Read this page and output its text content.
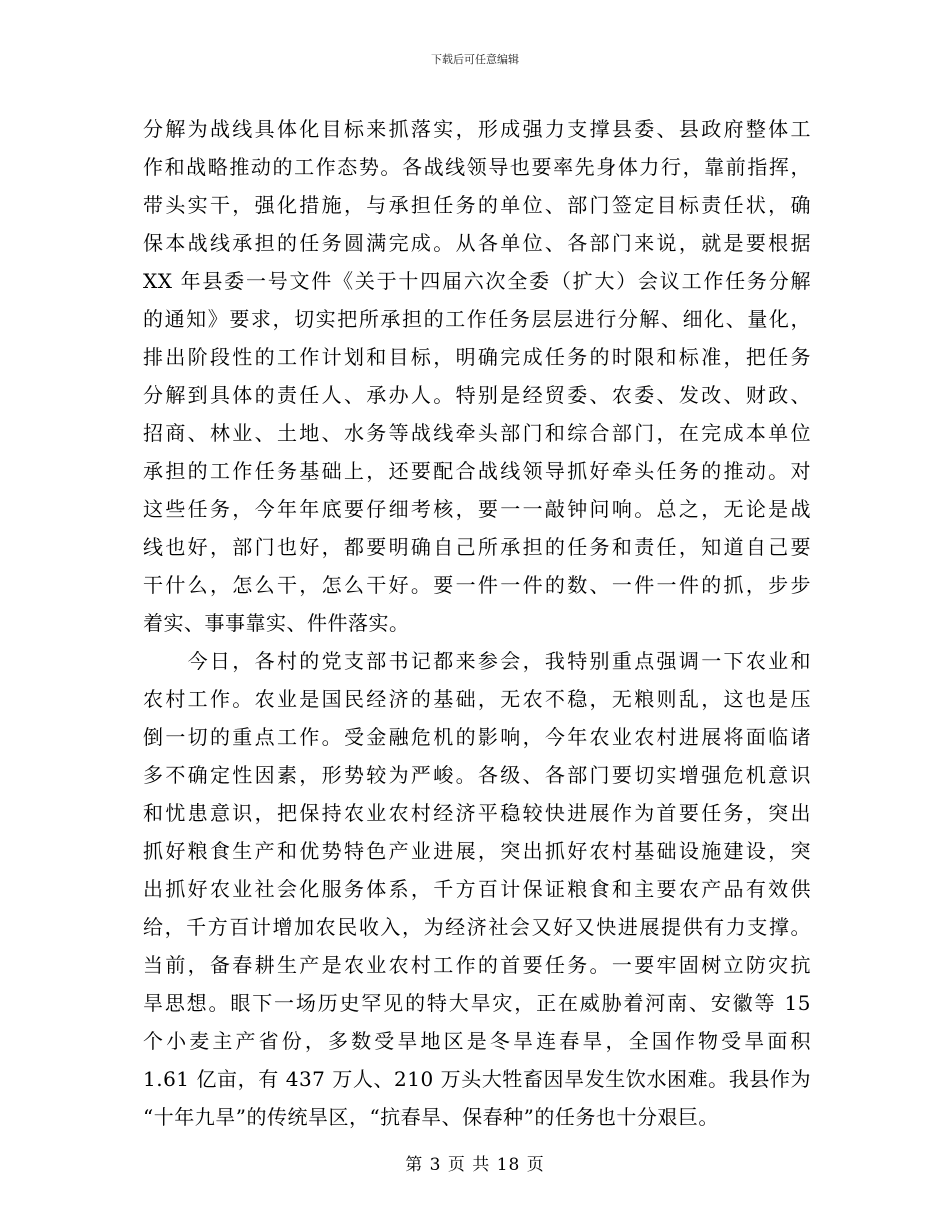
下载后可任意编辑
分解为战线具体化目标来抓落实，形成强力支撑县委、县政府整体工
作和战略推动的工作态势。各战线领导也要率先身体力行，靠前指挥，
带头实干，强化措施，与承担任务的单位、部门签定目标责任状，确
保本战线承担的任务圆满完成。从各单位、各部门来说，就是要根据
XX 年县委一号文件《关于十四届六次全委（扩大）会议工作任务分解
的通知》要求，切实把所承担的工作任务层层进行分解、细化、量化，
排出阶段性的工作计划和目标，明确完成任务的时限和标准，把任务
分解到具体的责任人、承办人。特别是经贸委、农委、发改、财政、
招商、林业、土地、水务等战线牵头部门和综合部门，在完成本单位
承担的工作任务基础上，还要配合战线领导抓好牵头任务的推动。对
这些任务，今年年底要仔细考核，要一一敲钟问响。总之，无论是战
线也好，部门也好，都要明确自己所承担的任务和责任，知道自己要
干什么，怎么干，怎么干好。要一件一件的数、一件一件的抓，步步
着实、事事靠实、件件落实。
　　今日，各村的党支部书记都来参会，我特别重点强调一下农业和
农村工作。农业是国民经济的基础，无农不稳，无粮则乱，这也是压
倒一切的重点工作。受金融危机的影响，今年农业农村进展将面临诸
多不确定性因素，形势较为严峻。各级、各部门要切实增强危机意识
和忧患意识，把保持农业农村经济平稳较快进展作为首要任务，突出
抓好粮食生产和优势特色产业进展，突出抓好农村基础设施建设，突
出抓好农业社会化服务体系，千方百计保证粮食和主要农产品有效供
给，千方百计增加农民收入，为经济社会又好又快进展提供有力支撑。
当前，备春耕生产是农业农村工作的首要任务。一要牢固树立防灾抗
旱思想。眼下一场历史罕见的特大旱灾，正在威胁着河南、安徽等 15
个小麦主产省份，多数受旱地区是冬旱连春旱，全国作物受旱面积
1.61 亿亩，有 437 万人、210 万头大牲畜因旱发生饮水困难。我县作为
“十年九旱”的传统旱区，“抗春旱、保春种”的任务也十分艰巨。
第 3 页 共 18 页
